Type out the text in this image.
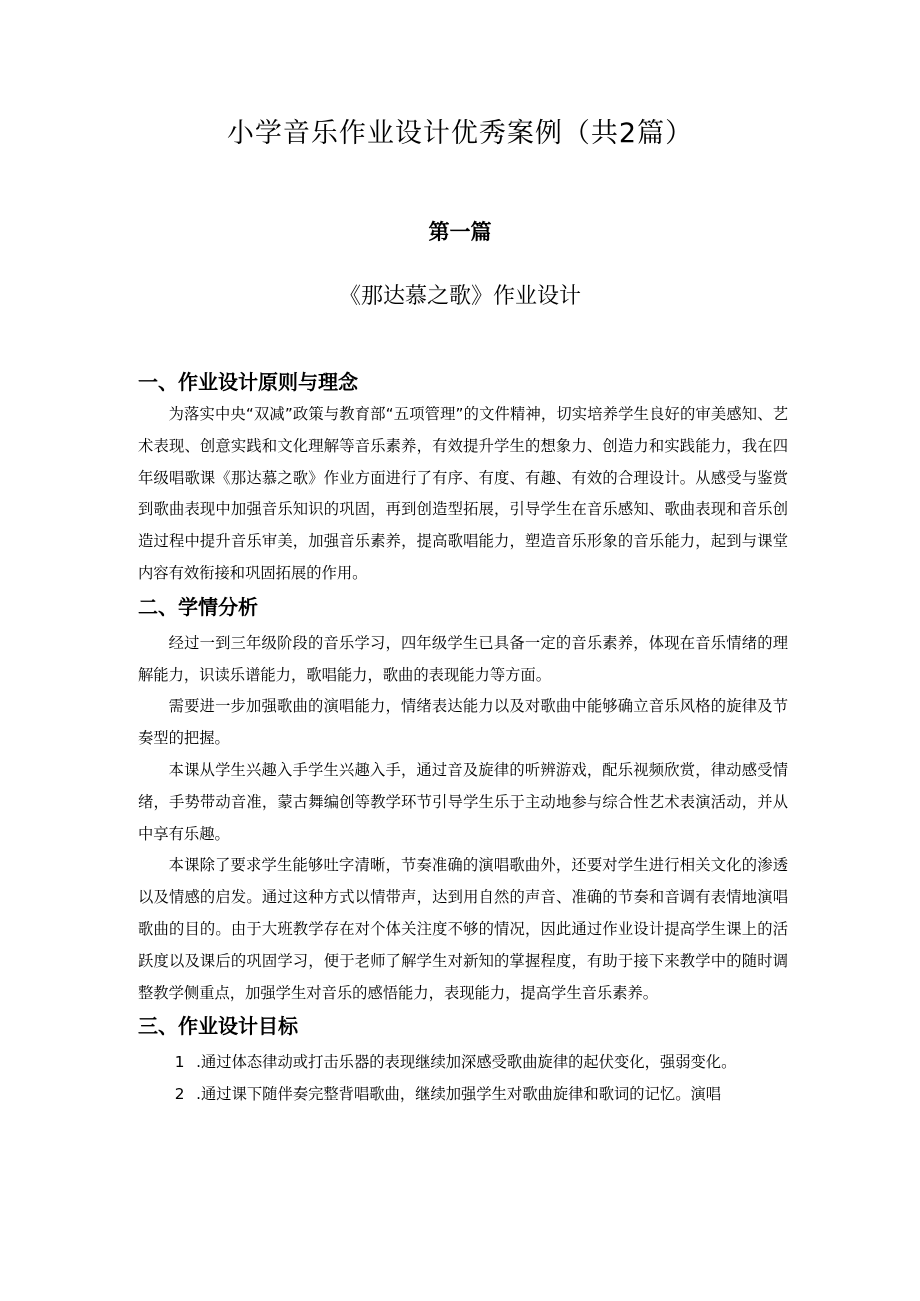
小学音乐作业设计优秀案例（共2篇）
第一篇
《那达慕之歌》作业设计
一、作业设计原则与理念

为落实中央“双减”政策与教育部“五项管理”的文件精神，切实培养学生良好的审美感知、艺术表现、创意实践和文化理解等音乐素养，有效提升学生的想象力、创造力和实践能力，我在四年级唱歌课《那达慕之歌》作业方面进行了有序、有度、有趣、有效的合理设计。从感受与鉴赏到歌曲表现中加强音乐知识的巩固，再到创造型拓展，引导学生在音乐感知、歌曲表现和音乐创造过程中提升音乐审美，加强音乐素养，提高歌唱能力，塑造音乐形象的音乐能力，起到与课堂内容有效衔接和巩固拓展的作用。

二、学情分析

经过一到三年级阶段的音乐学习，四年级学生已具备一定的音乐素养，体现在音乐情绪的理解能力，识读乐谱能力，歌唱能力，歌曲的表现能力等方面。

需要进一步加强歌曲的演唱能力，情绪表达能力以及对歌曲中能够确立音乐风格的旋律及节奏型的把握。

本课从学生兴趣入手学生兴趣入手，通过音及旋律的听辨游戏，配乐视频欣赏，律动感受情绪，手势带动音准，蒙古舞编创等教学环节引导学生乐于主动地参与综合性艺术表演活动，并从中享有乐趣。

本课除了要求学生能够吐字清晰，节奏准确的演唱歌曲外，还要对学生进行相关文化的渗透以及情感的启发。通过这种方式以情带声，达到用自然的声音、准确的节奏和音调有表情地演唱歌曲的目的。由于大班教学存在对个体关注度不够的情况，因此通过作业设计提高学生课上的活跃度以及课后的巩固学习，便于老师了解学生对新知的掌握程度，有助于接下来教学中的随时调整教学侧重点，加强学生对音乐的感悟能力，表现能力，提高学生音乐素养。

三、作业设计目标

1 .通过体态律动或打击乐器的表现继续加深感受歌曲旋律的起伏变化，强弱变化。

2 .通过课下随伴奏完整背唱歌曲，继续加强学生对歌曲旋律和歌词的记忆。演唱
